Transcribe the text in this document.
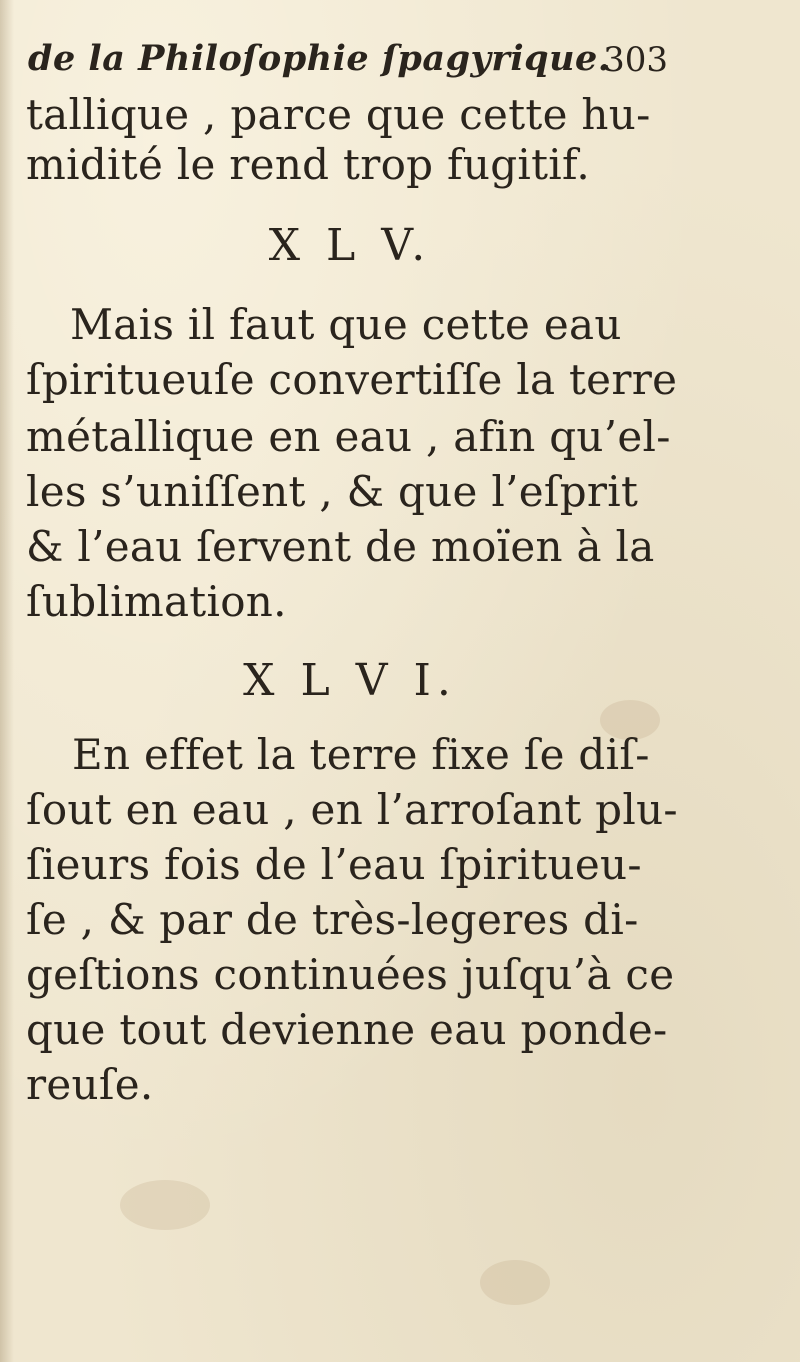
de la Philoſophie ſpagyrique.
303
tallique , parce que cette hu-
midité le rend trop fugitif.
X L V.
Mais il faut que cette eau
ſpiritueuſe convertiſſe la terre
métallique en eau , afin qu’el-
les s’uniſſent , & que l’eſprit
& l’eau ſervent de moïen à la
ſublimation.
X L V I.
En effet la terre fixe ſe diſ-
ſout en eau , en l’arroſant plu-
ſieurs fois de l’eau ſpiritueu-
ſe , & par de très-legeres di-
geſtions continuées juſqu’à ce
que tout devienne eau ponde-
reuſe.
